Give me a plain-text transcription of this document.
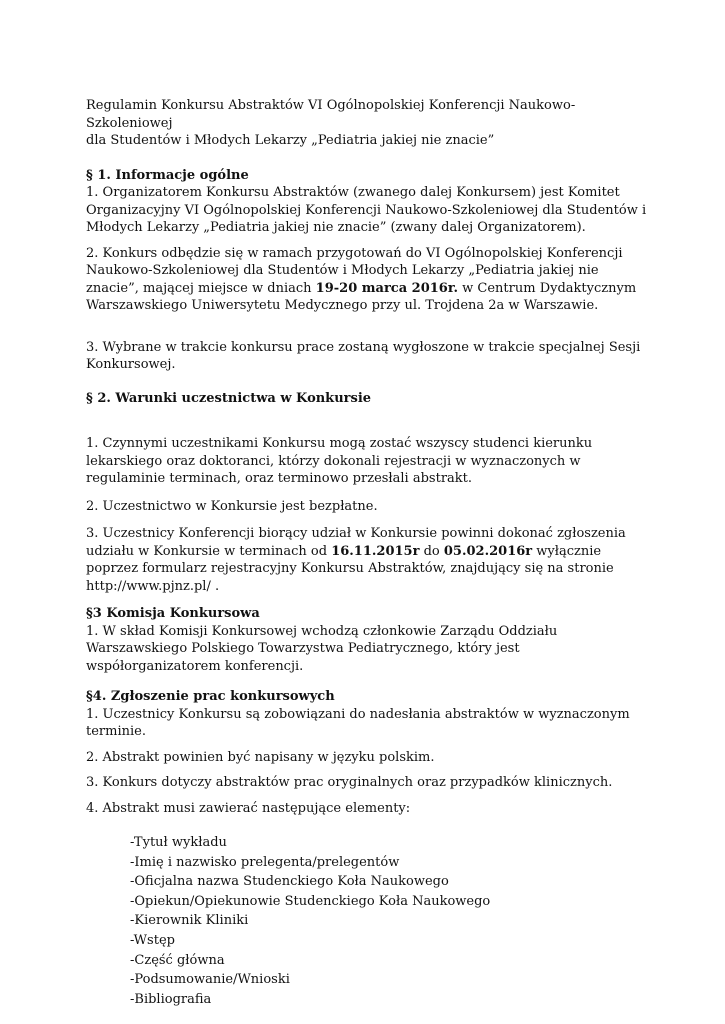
Regulamin Konkursu Abstraktów VI Ogólnopolskiej Konferencji Naukowo-Szkoleniowej

dla Studentów i Młodych Lekarzy „Pediatria jakiej nie znacie”

§ 1. Informacje ogólne

1. Organizatorem Konkursu Abstraktów (zwanego dalej Konkursem) jest Komitet Organizacyjny VI Ogólnopolskiej Konferencji Naukowo-Szkoleniowej dla Studentów i Młodych Lekarzy „Pediatria jakiej nie znacie” (zwany dalej Organizatorem).

2. Konkurs odbędzie się w ramach przygotowań do VI Ogólnopolskiej Konferencji Naukowo-Szkoleniowej dla Studentów i Młodych Lekarzy „Pediatria jakiej nie znacie”, mającej miejsce w dniach 19-20 marca 2016r. w Centrum Dydaktycznym Warszawskiego Uniwersytetu Medycznego przy ul. Trojdena 2a w Warszawie.

3. Wybrane w trakcie konkursu prace zostaną wygłoszone w trakcie specjalnej Sesji Konkursowej.

§ 2. Warunki uczestnictwa w Konkursie

1. Czynnymi uczestnikami Konkursu mogą zostać wszyscy studenci kierunku lekarskiego oraz doktoranci, którzy dokonali rejestracji w wyznaczonych w regulaminie terminach, oraz terminowo przesłali abstrakt.

2. Uczestnictwo w Konkursie jest bezpłatne.

3. Uczestnicy Konferencji biorący udział w Konkursie powinni dokonać zgłoszenia udziału w Konkursie w terminach od 16.11.2015r do 05.02.2016r wyłącznie poprzez formularz rejestracyjny Konkursu Abstraktów, znajdujący się na stronie http://www.pjnz.pl/ .

§3 Komisja Konkursowa

1. W skład Komisji Konkursowej wchodzą członkowie Zarządu Oddziału Warszawskiego Polskiego Towarzystwa Pediatrycznego, który jest współorganizatorem konferencji.

§4. Zgłoszenie prac konkursowych

1. Uczestnicy Konkursu są zobowiązani do nadesłania abstraktów w wyznaczonym terminie.

2. Abstrakt powinien być napisany w języku polskim.

3. Konkurs dotyczy abstraktów prac oryginalnych oraz przypadków klinicznych.

4. Abstrakt musi zawierać następujące elementy:

-Tytuł wykładu
-Imię i nazwisko prelegenta/prelegentów
-Oficjalna nazwa Studenckiego Koła Naukowego
-Opiekun/Opiekunowie Studenckiego Koła Naukowego
-Kierownik Kliniki
-Wstęp
-Część główna
-Podsumowanie/Wnioski
-Bibliografia
